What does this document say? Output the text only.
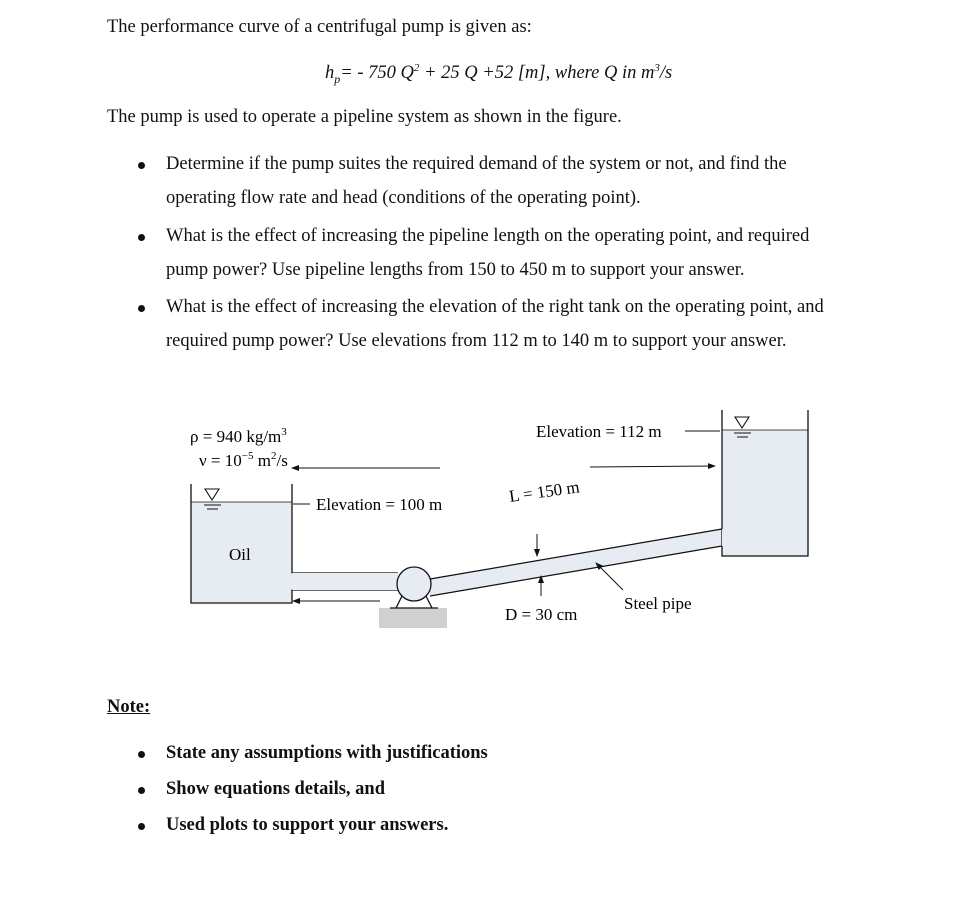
The performance curve of a centrifugal pump is given as:
$h_p= - 750$ $Q^2 + 25$ Q +52 [m], where Q in $m^3/s$
The pump is used to operate a pipeline system as shown in the figure.
Determine if the pump suites the required demand of the system or not, and find the
operating flow rate and head (conditions of the operating point).
What is the effect of increasing the pipeline length on the operating point, and required
pump power? Use pipeline lengths from 150 to 450 m to support your answer.
What is the effect of increasing the elevation of the right tank on the operating point, and
required pump power? Use elevations from 112 m to 140 m to support your answer.
ρ = 940 $kg/m^3$
$\nu = 10^{-5}$ $m^2/s$
Elevation = 100 m
Elevation = 112 m
Oil
L = 150 m
D = 30 cm
Steel pipe
Note:
State any assumptions with justifications
Show equations details, and
Used plots to support your answers.
